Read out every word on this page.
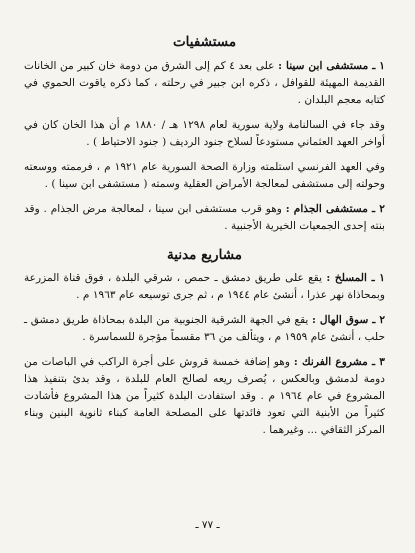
مستشفيات

١ ـ مستشفى ابن سينا : على بعد ٤ كم إلى الشرق من دومة خان كبير من الخانات القديمة المهيئة للقوافل ، ذكره ابن جبير في رحلته ، كما ذكره ياقوت الحموي في كتابه معجم البلدان .

وقد جاء في السالنامة ولاية سورية لعام ١٢٩٨ هـ / ١٨٨٠ م أن هذا الخان كان في أواخر العهد العثماني مستودعاً لسلاح جنود الرديف ( جنود الاحتياط ) .

وفي العهد الفرنسي استلمته وزارة الصحة السورية عام ١٩٢١ م ، فرممته ووسعته وحولته إلى مستشفى لمعالجة الأمراض العقلية وسمته ( مستشفى ابن سينا ) .

٢ ـ مستشفى الجذام : وهو قرب مستشفى ابن سينا ، لمعالجة مرض الجذام . وقد بنته إحدى الجمعيات الخيرية الأجنبية .

مشاريع مدنية

١ ـ المسلخ : يقع على طريق دمشق ـ حمص ، شرقي البلدة ، فوق قناة المزرعة وبمحاذاة نهر عذرا ، أنشئ عام ١٩٤٤ م ، ثم جرى توسيعه عام ١٩٦٣ م .

٢ ـ سوق الهال : يقع في الجهة الشرقية الجنوبية من البلدة بمحاذاة طريق دمشق ـ حلب ، أنشئ عام ١٩٥٩ م ، ويتألف من ٣٦ مقسماً مؤجرة للسماسرة .

٣ ـ مشروع الفرنك : وهو إضافة خمسة قروش على أجرة الراكب في الباصات من دومة لدمشق وبالعكس ، يُصرف ريعه لصالح العام للبلدة ، وقد بدئ بتنفيذ هذا المشروع في عام ١٩٦٤ م . وقد استفادت البلدة كثيراً من هذا المشروع فأشادت كثيراً من الأبنية التي تعود فائدتها على المصلحة العامة كبناء ثانوية البنين وبناء المركز الثقافي ... وغيرهما .

ـ ٧٧ ـ
